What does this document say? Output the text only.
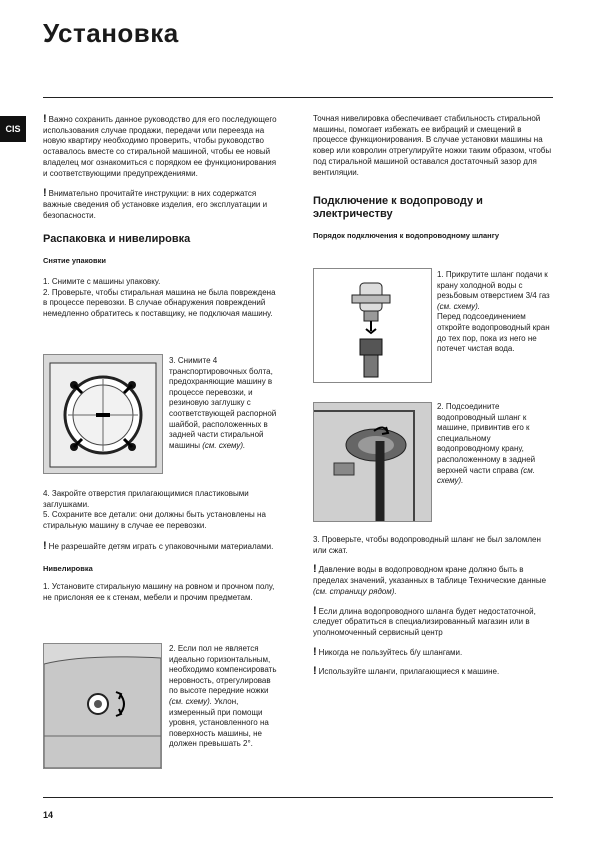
Установка
CIS

! Важно сохранить данное руководство для его последующего использования случае продажи, передачи или переезда на новую квартиру необходимо проверить, чтобы руководство оставалось вместе со стиральной машиной, чтобы ее новый владелец мог ознакомиться с порядком ее функционирования и соответствующими предупреждениями.

! Внимательно прочитайте инструкции: в них содержатся важные сведения об установке изделия, его эксплуатации и безопасности.

Распаковка и нивелировка
Снятие упаковки

1. Снимите с машины упаковку.

2. Проверьте, чтобы стиральная машина не была повреждена в процессе перевозки. В случае обнаружения повреждений немедленно обратитесь к поставщику, не подключая машину.

3. Снимите 4 транспортировочных болта, предохраняющие машину в процессе перевозки, и резиновую заглушку с соответствующей распорной шайбой, расположенных в задней части стиральной машины (см. схему).

4. Закройте отверстия прилагающимися пластиковыми заглушками.

5. Сохраните все детали: они должны быть установлены на стиральную машину в случае ее перевозки.

! Не разрешайте детям играть с упаковочными материалами.

Нивелировка

1. Установите стиральную машину на ровном и прочном полу, не прислоняя ее к стенам, мебели и прочим предметам.

2. Если пол не является идеально горизонтальным, необходимо компенсировать неровность, отрегулировав по высоте передние ножки (см. схему). Уклон, измеренный при помощи уровня, установленного на поверхность машины, не должен превышать 2°.

Точная нивелировка обеспечивает стабильность стиральной машины, помогает избежать ее вибраций и смещений в процессе функционирования. В случае установки машины на ковер или ковролин отрегулируйте ножки таким образом, чтобы под стиральной машиной оставался достаточный зазор для вентиляции.

Подключение к водопроводу и электричеству
Порядок подключения к водопроводному шлангу
1. Прикрутите шланг подачи к крану холодной воды с резьбовым отверстием 3/4 газ (см. схему).
Перед подсоединением откройте водопроводный кран до тех пор, пока из него не потечет чистая вода.
2. Подсоедините водопроводный шланг к машине, привинтив его к специальному водопроводному крану, расположенному в задней верхней части справа (см. схему).

3. Проверьте, чтобы водопроводный шланг не был заломлен или сжат.

! Давление воды в водопроводном кране должно быть в пределах значений, указанных в таблице Технические данные (см. страницу рядом).

! Если длина водопроводного шланга будет недостаточной, следует обратиться в специализированный магазин или в уполномоченный сервисный центр

! Никогда не пользуйтесь б/у шлангами.

! Используйте шланги, прилагающиеся к машине.

14
